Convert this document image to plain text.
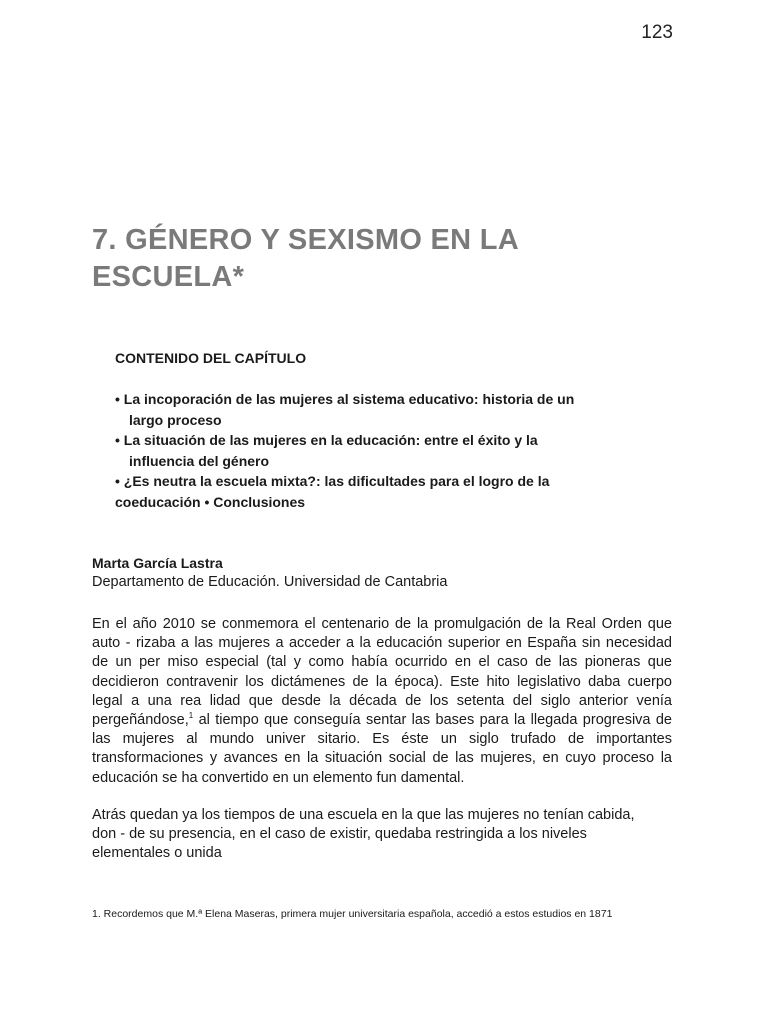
123
7. GÉNERO Y SEXISMO EN LA
ESCUELA*
CONTENIDO DEL CAPÍTULO
• La incoporación de las mujeres al sistema educativo: historia de un
largo proceso
• La situación de las mujeres en la educación: entre el éxito y la
influencia del género
• ¿Es neutra la escuela mixta?: las dificultades para el logro de la
coeducación • Conclusiones
Marta García Lastra
Departamento de Educación. Universidad de Cantabria
En el año 2010 se conmemora el centenario de la promulgación de la Real Orden que
auto - rizaba a las mujeres a acceder a la educación superior en España sin necesidad
de un per miso especial (tal y como había ocurrido en el caso de las pioneras que
decidieron contravenir los dictámenes de la época). Este hito legislativo daba cuerpo
legal a una rea lidad que desde la década de los setenta del siglo anterior venía
pergeñándose,$^1$ al tiempo que conseguía sentar las bases para la llegada progresiva de
las mujeres al mundo univer sitario. Es éste un siglo trufado de importantes
transformaciones y avances en la situación social de las mujeres, en cuyo proceso la
educación se ha convertido en un elemento fun damental.
Atrás quedan ya los tiempos de una escuela en la que las mujeres no tenían cabida,
don - de su presencia, en el caso de existir, quedaba restringida a los niveles
elementales o unida
1. Recordemos que M.ª Elena Maseras, primera mujer universitaria española, accedió a estos estudios en 1871
